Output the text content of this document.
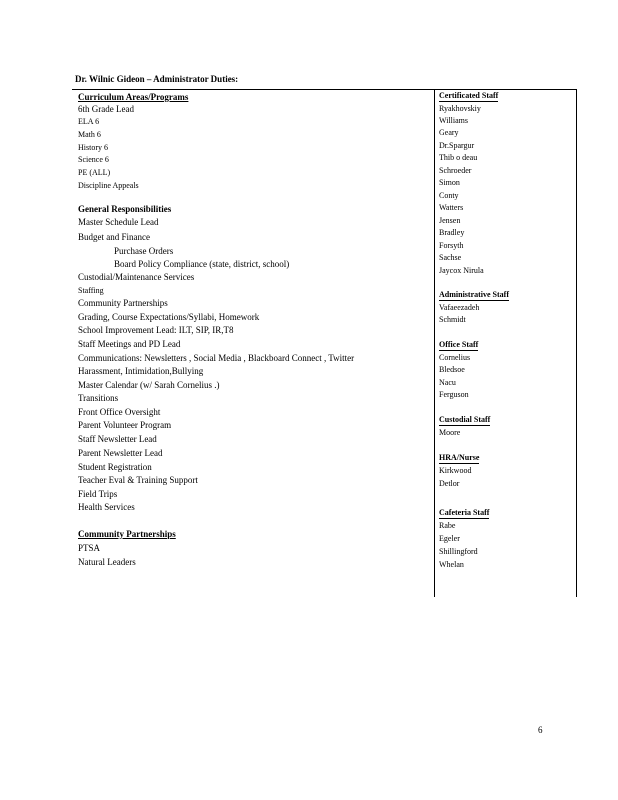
Dr. Wilnic Gideon – Administrator Duties:
Curriculum Areas/Programs
6th Grade Lead
ELA 6
Math 6
History 6
Science 6
PE (ALL)
Discipline Appeals
General Responsibilities
Master Schedule Lead
Budget and Finance
Purchase Orders
Board Policy Compliance (state, district, school)
Custodial/Maintenance Services
Staffing
Community Partnerships
Grading, Course Expectations/Syllabi, Homework
School Improvement Lead: ILT, SIP, IR,T8
Staff Meetings and PD Lead
Communications: Newsletters , Social Media , Blackboard Connect , Twitter
Harassment, Intimidation,Bullying
Master Calendar (w/ Sarah Cornelius .)
Transitions
Front Office Oversight
Parent Volunteer Program
Staff Newsletter Lead
Parent Newsletter Lead
Student Registration
Teacher Eval & Training Support
Field Trips
Health Services
Community Partnerships
PTSA
Natural Leaders
Certificated Staff
Ryakhovskiy
Williams
Geary
Dr.Spargur
Thib o deau
Schroeder
Simon
Conty
Watters
Jensen
Bradley
Forsyth
Sachse
Jaycox Nirula
Administrative Staff
Vafaeezadeh
Schmidt
Office Staff
Cornelius
Bledsoe
Nacu
Ferguson
Custodial Staff
Moore
HRA/Nurse
Kirkwood
Detlor
Cafeteria Staff
Rabe
Egeler
Shillingford
Whelan
6
